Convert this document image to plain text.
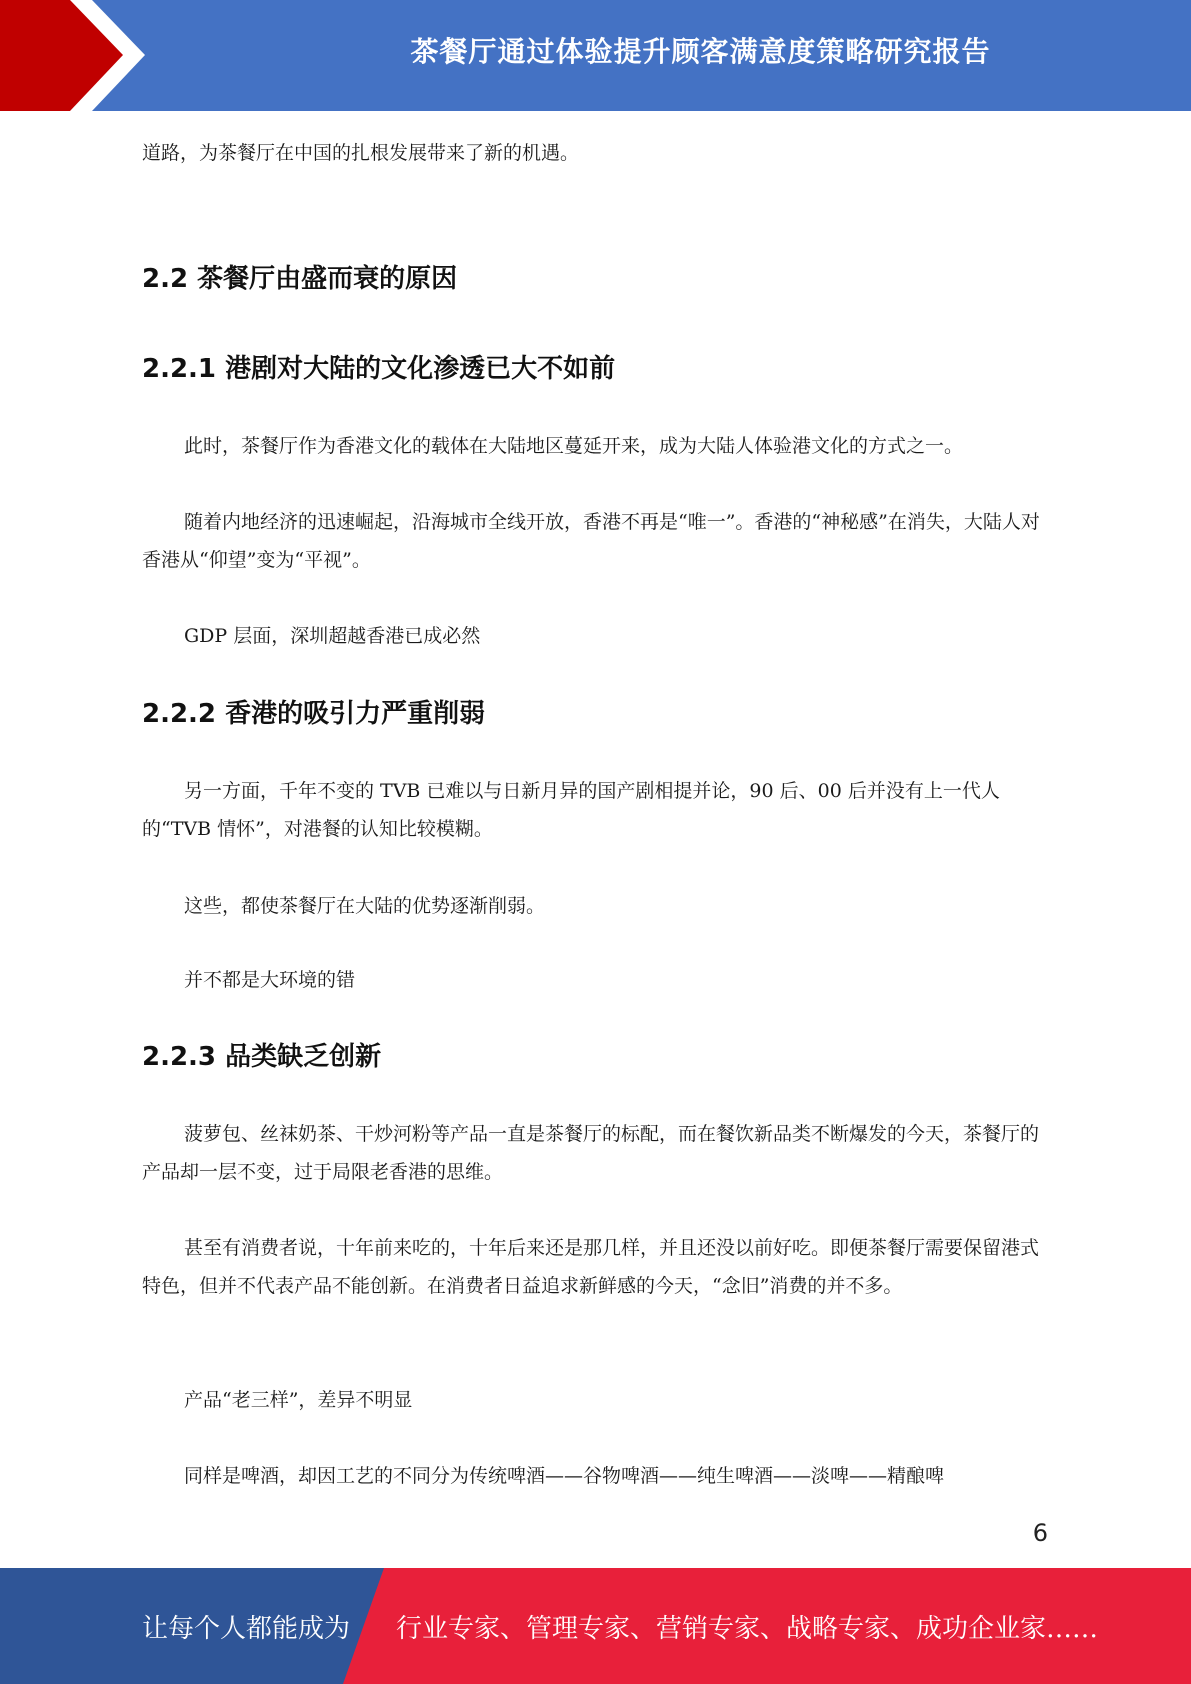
茶餐厅通过体验提升顾客满意度策略研究报告

道路，为茶餐厅在中国的扎根发展带来了新的机遇。

2.2 茶餐厅由盛而衰的原因
2.2.1 港剧对大陆的文化渗透已大不如前

此时，茶餐厅作为香港文化的载体在大陆地区蔓延开来，成为大陆人体验港文化的方式之一。

随着内地经济的迅速崛起，沿海城市全线开放，香港不再是“唯一”。香港的“神秘感”在消失，大陆人对香港从“仰望”变为“平视”。

GDP 层面，深圳超越香港已成必然

2.2.2 香港的吸引力严重削弱

另一方面，千年不变的 TVB 已难以与日新月异的国产剧相提并论，90 后、00 后并没有上一代人的“TVB 情怀”，对港餐的认知比较模糊。

这些，都使茶餐厅在大陆的优势逐渐削弱。

并不都是大环境的错

2.2.3 品类缺乏创新

菠萝包、丝袜奶茶、干炒河粉等产品一直是茶餐厅的标配，而在餐饮新品类不断爆发的今天，茶餐厅的产品却一层不变，过于局限老香港的思维。

甚至有消费者说，十年前来吃的，十年后来还是那几样，并且还没以前好吃。即便茶餐厅需要保留港式特色，但并不代表产品不能创新。在消费者日益追求新鲜感的今天，“念旧”消费的并不多。

产品“老三样”，差异不明显

同样是啤酒，却因工艺的不同分为传统啤酒——谷物啤酒——纯生啤酒——淡啤——精酿啤

6
让每个人都能成为 行业专家、管理专家、营销专家、战略专家、成功企业家……
